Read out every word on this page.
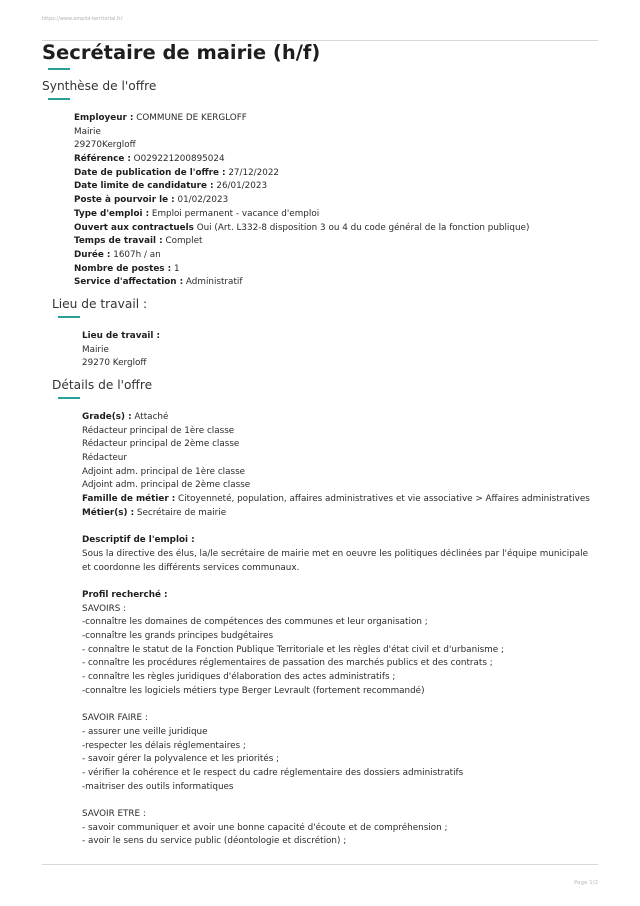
https://www.emploi-territorial.fr/
Secrétaire de mairie (h/f)
Synthèse de l'offre
Employeur : COMMUNE DE KERGLOFF
Mairie
29270Kergloff
Référence : O029221200895024
Date de publication de l'offre : 27/12/2022
Date limite de candidature : 26/01/2023
Poste à pourvoir le : 01/02/2023
Type d'emploi : Emploi permanent - vacance d'emploi
Ouvert aux contractuels Oui (Art. L332-8 disposition 3 ou 4 du code général de la fonction publique)
Temps de travail : Complet
Durée : 1607h / an
Nombre de postes : 1
Service d'affectation : Administratif
Lieu de travail :
Lieu de travail :
Mairie
29270 Kergloff
Détails de l'offre
Grade(s) : Attaché
Rédacteur principal de 1ère classe
Rédacteur principal de 2ème classe
Rédacteur
Adjoint adm. principal de 1ère classe
Adjoint adm. principal de 2ème classe
Famille de métier : Citoyenneté, population, affaires administratives et vie associative > Affaires administratives
Métier(s) : Secrétaire de mairie
Descriptif de l'emploi :
Sous la directive des élus, la/le secrétaire de mairie met en oeuvre les politiques déclinées par l'équipe municipale
et coordonne les différents services communaux.
Profil recherché :
SAVOIRS :
-connaître les domaines de compétences des communes et leur organisation ;
-connaître les grands principes budgétaires
- connaître le statut de la Fonction Publique Territoriale et les règles d'état civil et d'urbanisme ;
- connaître les procédures réglementaires de passation des marchés publics et des contrats ;
- connaître les règles juridiques d'élaboration des actes administratifs ;
-connaître les logiciels métiers type Berger Levrault (fortement recommandé)
SAVOIR FAIRE :
- assurer une veille juridique
-respecter les délais réglementaires ;
- savoir gérer la polyvalence et les priorités ;
- vérifier la cohérence et le respect du cadre réglementaire des dossiers administratifs
-maitriser des outils informatiques
SAVOIR ETRE :
- savoir communiquer et avoir une bonne capacité d'écoute et de compréhension ;
- avoir le sens du service public (déontologie et discrétion) ;
Page 1/2
